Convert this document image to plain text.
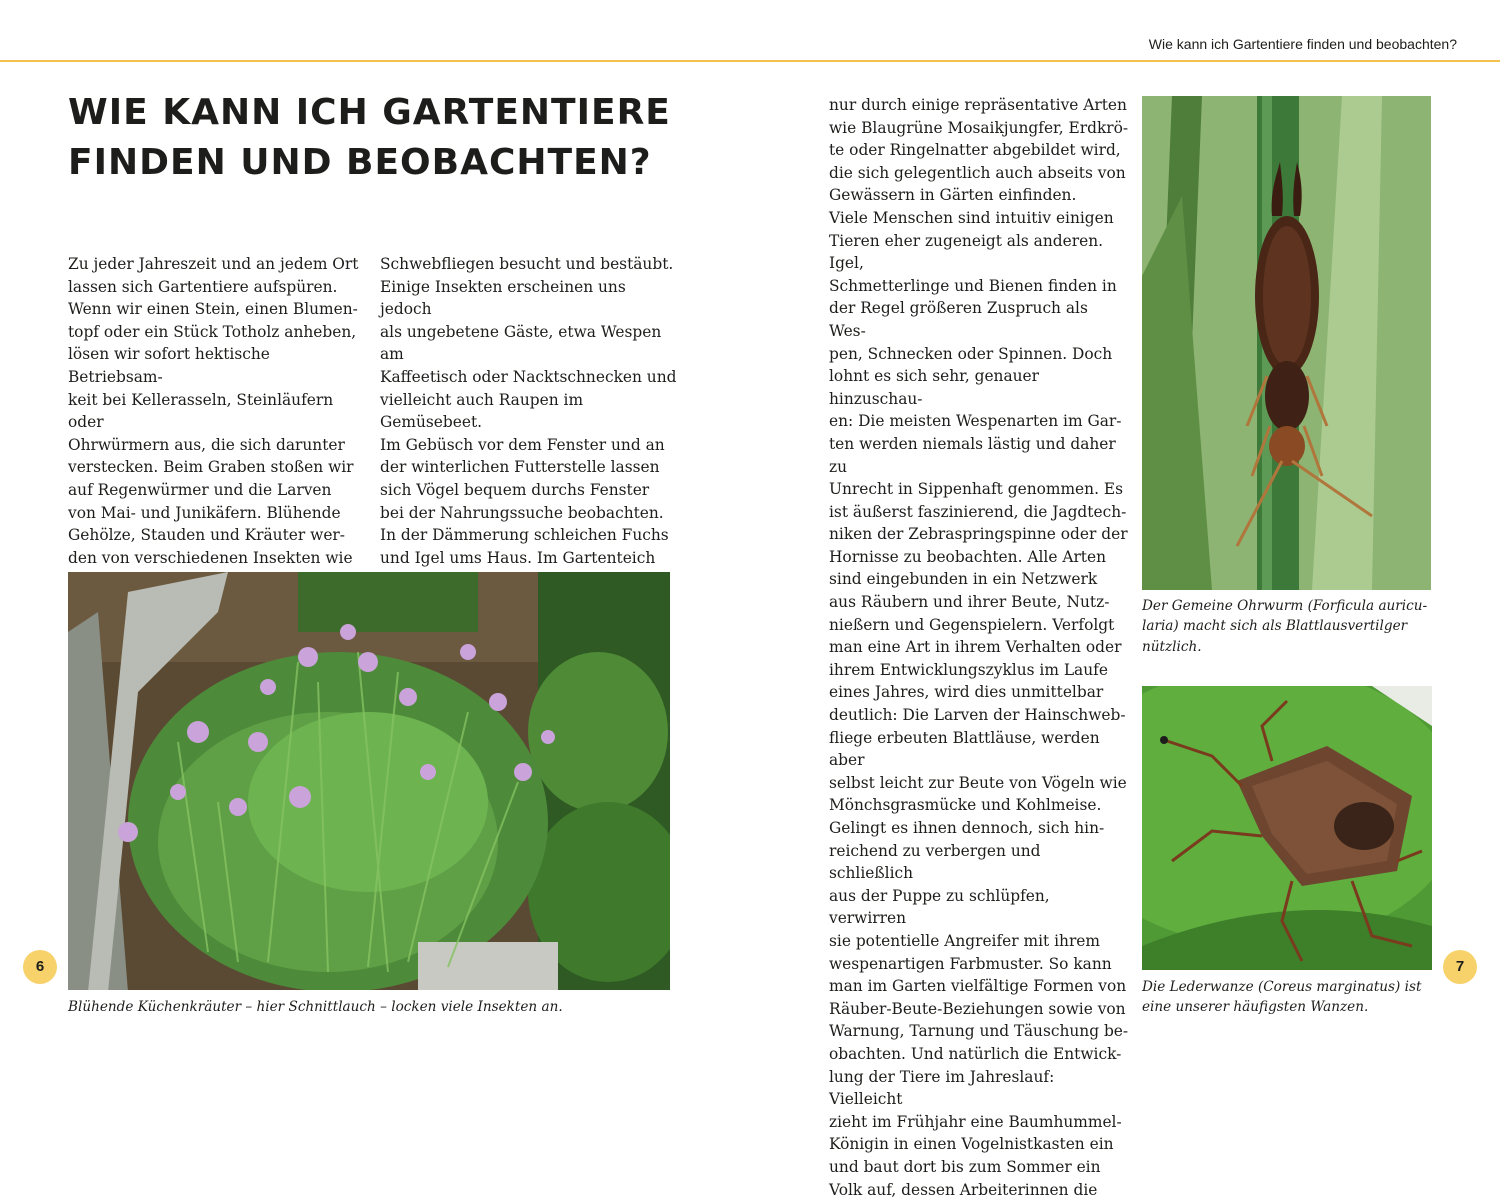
Wie kann ich Gartentiere finden und beobachten?
WIE KANN ICH GARTENTIERE
FINDEN UND BEOBACHTEN?

Zu jeder Jahreszeit und an jedem Ort
lassen sich Gartentiere aufspüren.
Wenn wir einen Stein, einen Blumen-
topf oder ein Stück Totholz anheben,
lösen wir sofort hektische Betriebsam-
keit bei Kellerasseln, Steinläufern oder
Ohrwürmern aus, die sich darunter
verstecken. Beim Graben stoßen wir
auf Regenwürmer und die Larven
von Mai- und Junikäfern. Blühende
Gehölze, Stauden und Kräuter wer-
den von verschiedenen Insekten wie

Schwebfliegen besucht und bestäubt.
Einige Insekten erscheinen uns jedoch
als ungebetene Gäste, etwa Wespen am
Kaffeetisch oder Nacktschnecken und
vielleicht auch Raupen im Gemüsebeet.
Im Gebüsch vor dem Fenster und an
der winterlichen Futterstelle lassen
sich Vögel bequem durchs Fenster
bei der Nahrungssuche beobachten.
In der Dämmerung schleichen Fuchs
und Igel ums Haus. Im Gartenteich

nur durch einige repräsentative Arten
wie Blaugrüne Mosaikjungfer, Erdkrö-
te oder Ringelnatter abgebildet wird,
die sich gelegentlich auch abseits von
Gewässern in Gärten einfinden.
Viele Menschen sind intuitiv einigen
Tieren eher zugeneigt als anderen. Igel,
Schmetterlinge und Bienen finden in
der Regel größeren Zuspruch als Wes-
pen, Schnecken oder Spinnen. Doch
lohnt es sich sehr, genauer hinzuschau-
en: Die meisten Wespenarten im Gar-
ten werden niemals lästig und daher zu
Unrecht in Sippenhaft genommen. Es
ist äußerst faszinierend, die Jagdtech-
niken der Zebraspringspinne oder der
Hornisse zu beobachten. Alle Arten
sind eingebunden in ein Netzwerk
aus Räubern und ihrer Beute, Nutz-
nießern und Gegenspielern. Verfolgt
man eine Art in ihrem Verhalten oder
ihrem Entwicklungszyklus im Laufe
eines Jahres, wird dies unmittelbar
deutlich: Die Larven der Hainschweb-
fliege erbeuten Blattläuse, werden aber
selbst leicht zur Beute von Vögeln wie
Mönchsgrasmücke und Kohlmeise.
Gelingt es ihnen dennoch, sich hin-
reichend zu verbergen und schließlich
aus der Puppe zu schlüpfen, verwirren
sie potentielle Angreifer mit ihrem
wespenartigen Farbmuster. So kann
man im Garten vielfältige Formen von
Räuber-Beute-Beziehungen sowie von
Warnung, Tarnung und Täuschung be-
obachten. Und natürlich die Entwick-
lung der Tiere im Jahreslauf: Vielleicht
zieht im Frühjahr eine Baumhummel-
Königin in einen Vogelnistkasten ein
und baut dort bis zum Sommer ein
Volk auf, dessen Arbeiterinnen die

Blühende Küchenkräuter – hier Schnittlauch – locken viele Insekten an.

Der Gemeine Ohrwurm (Forficula auricu-
laria) macht sich als Blattlausvertilger
nützlich.

Die Lederwanze (Coreus marginatus) ist
eine unserer häufigsten Wanzen.

6	7
